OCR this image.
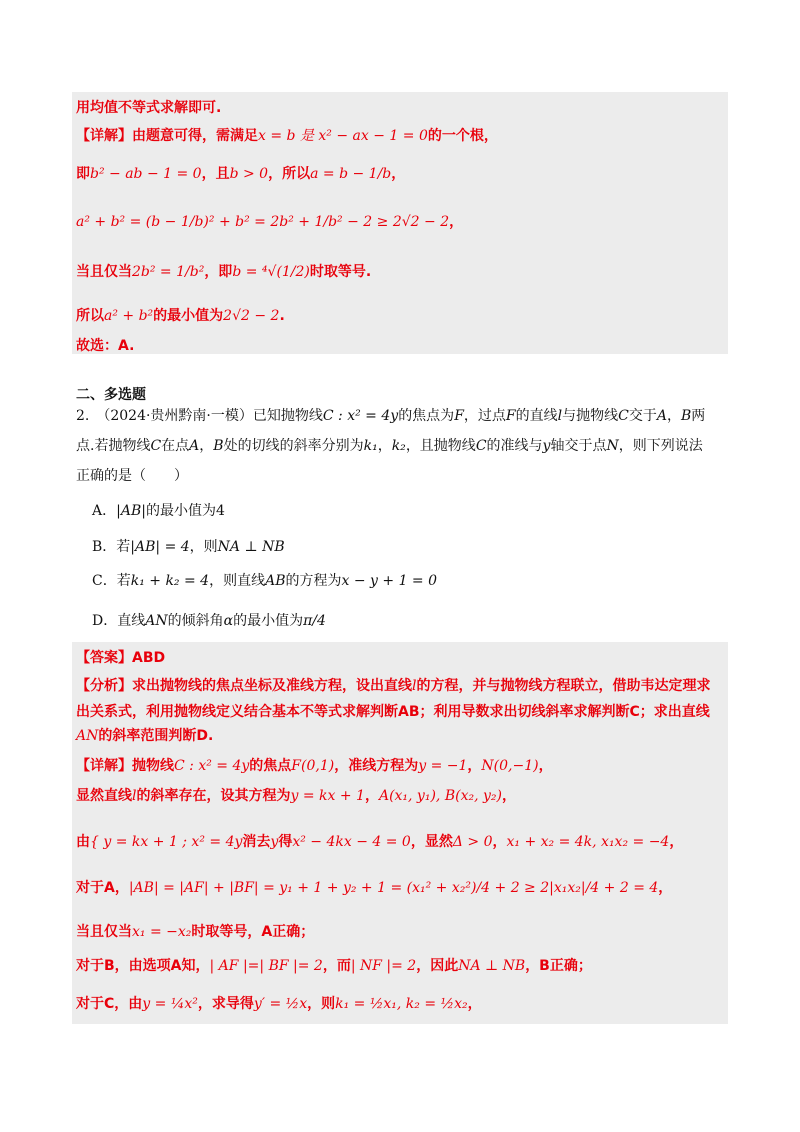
用均值不等式求解即可.
【详解】由题意可得，需满足x = b 是 x² − ax − 1 = 0的一个根，
即b² − ab − 1 = 0，且b > 0，所以a = b − 1/b，
a² + b² = (b − 1/b)² + b² = 2b² + 1/b² − 2 ≥ 2√2 − 2，
当且仅当2b² = 1/b²，即b = ⁴√(1/2)时取等号.
所以a² + b²的最小值为2√2 − 2.
故选：A.
二、多选题
2.　（2024·贵州黔南·一模）已知抛物线C : x² = 4y的焦点为F，过点F的直线l与抛物线C交于A，B两
点.若抛物线C在点A，B处的切线的斜率分别为k₁，k₂，且抛物线C的准线与y轴交于点N，则下列说法
正确的是（　　）
A．|AB|的最小值为4
B．若|AB| = 4，则NA ⊥ NB
C．若k₁ + k₂ = 4，则直线AB的方程为x − y + 1 = 0
D．直线AN的倾斜角α的最小值为π/4
【答案】ABD
【分析】求出抛物线的焦点坐标及准线方程，设出直线l的方程，并与抛物线方程联立，借助韦达定理求
出关系式，利用抛物线定义结合基本不等式求解判断AB；利用导数求出切线斜率求解判断C；求出直线
AN的斜率范围判断D.
【详解】抛物线C : x² = 4y的焦点F(0,1)，准线方程为y = −1，N(0,−1)，
显然直线l的斜率存在，设其方程为y = kx + 1，A(x₁, y₁), B(x₂, y₂)，
由{ y = kx + 1 ; x² = 4y消去y得x² − 4kx − 4 = 0，显然Δ > 0，x₁ + x₂ = 4k, x₁x₂ = −4，
对于A，|AB| = |AF| + |BF| = y₁ + 1 + y₂ + 1 = (x₁² + x₂²)/4 + 2 ≥ 2|x₁x₂|/4 + 2 = 4，
当且仅当x₁ = −x₂时取等号，A正确；
对于B，由选项A知，| AF |=| BF |= 2，而| NF |= 2，因此NA ⊥ NB，B正确；
对于C，由y = ¼x²，求导得y′ = ½x，则k₁ = ½x₁, k₂ = ½x₂，
